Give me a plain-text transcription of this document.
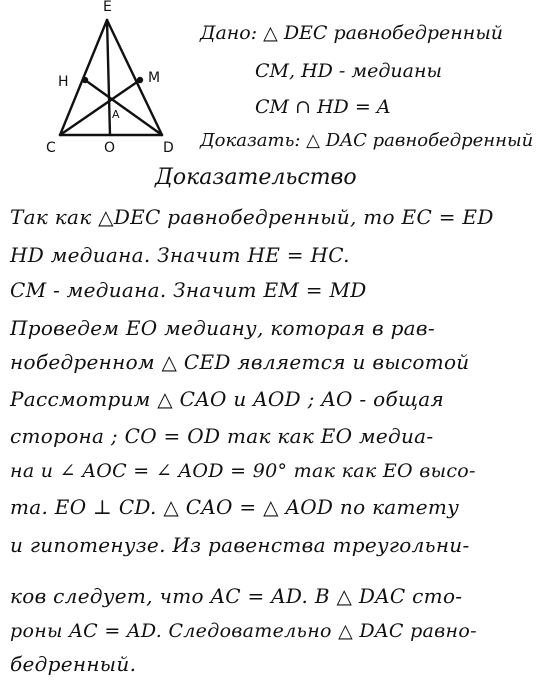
E
H	M
A
C	O	D
Дано: △ DEC равнобедренный
CM, HD - медианы
CM ∩ HD = A
Доказать: △ DAC равнобедренный
Доказательство
Так как △DEC равнобедренный, то EC = ED
HD медиана. Значит HE = HC.
CM - медиана. Значит EM = MD
Проведем EO медиану, которая в рав-
нобедренном △ CED является и высотой
Рассмотрим △ CAO и AOD ; AO - общая
сторона ; CO = OD так как EO медиа-
на и ∠ AOC = ∠ AOD = 90° так как EO высо-
та. EO ⊥ CD. △ CAO = △ AOD по катету
и гипотенузе. Из равенства треугольни-
ков следует, что AC = AD. В △ DAC сто-
роны AC = AD. Следовательно △ DAC равно-
бедренный.
